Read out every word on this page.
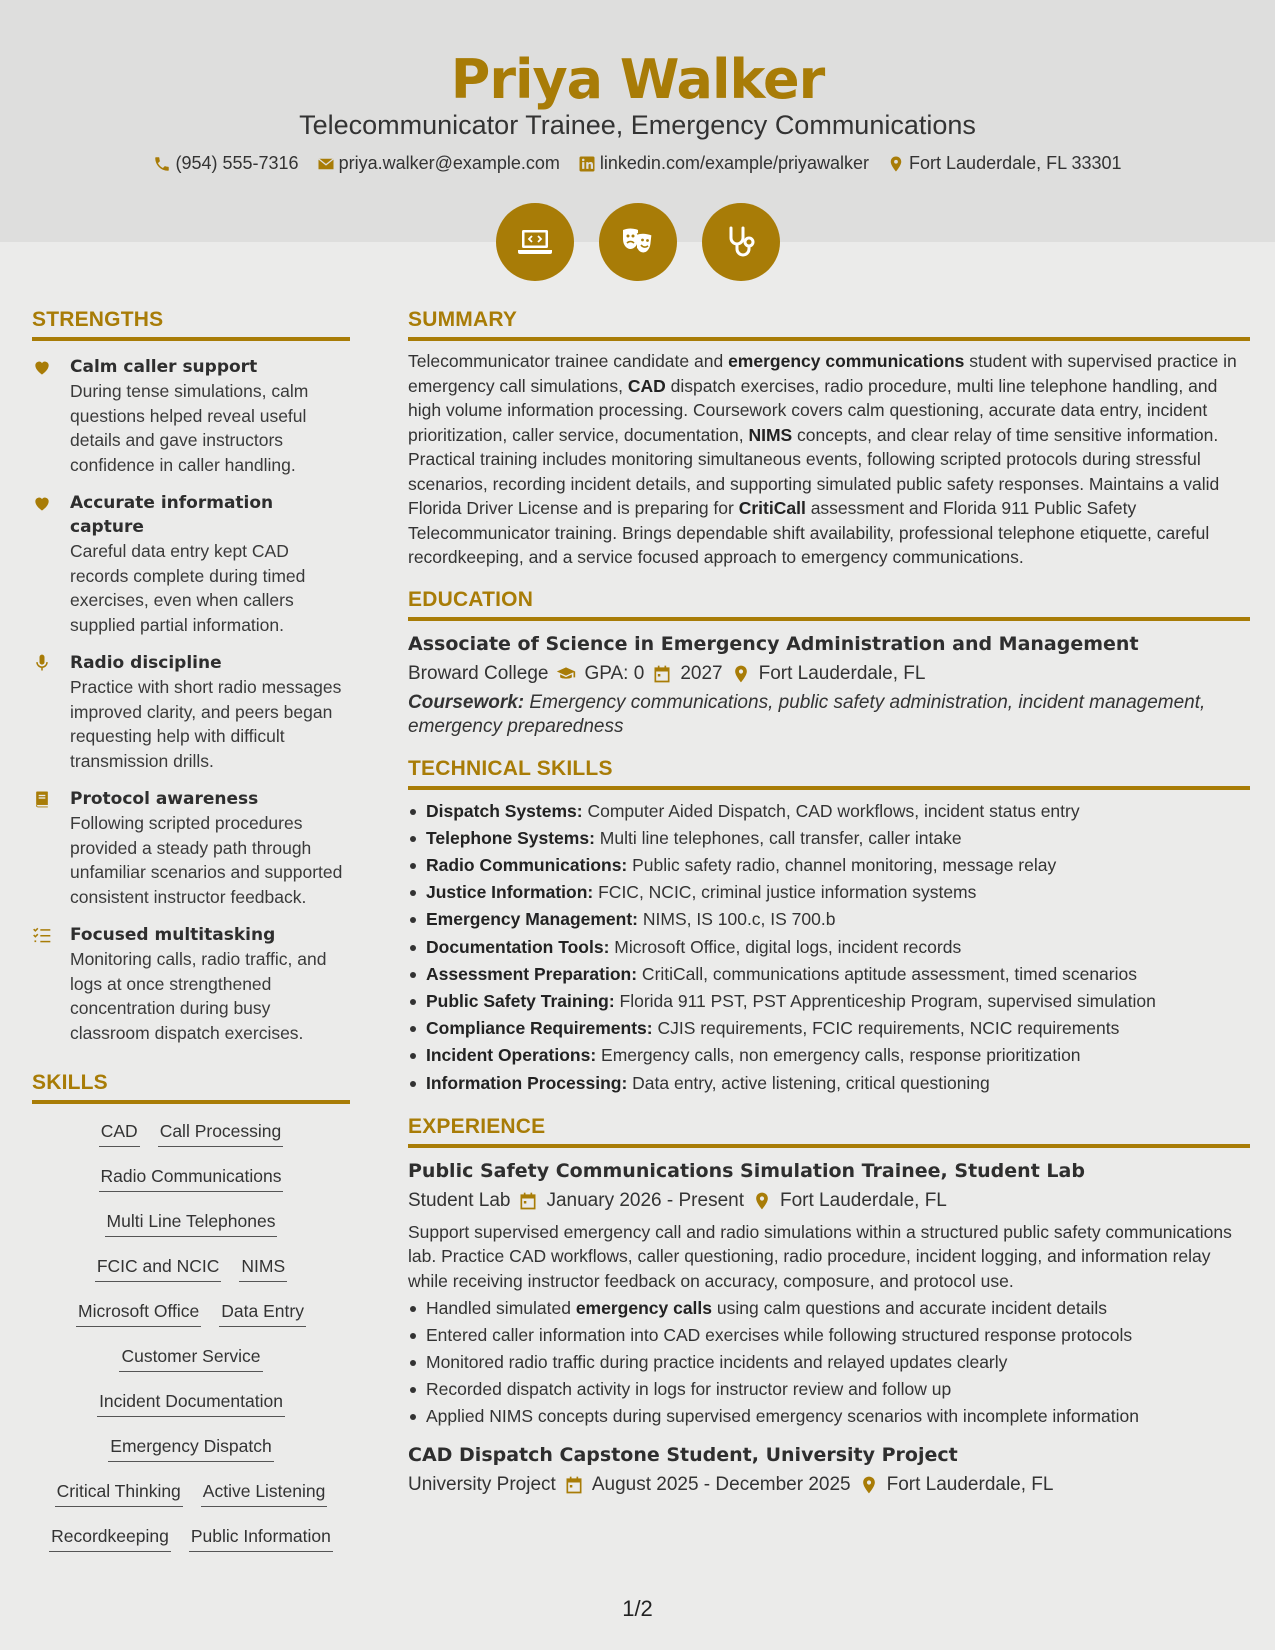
Priya Walker
Telecommunicator Trainee, Emergency Communications
(954) 555-7316 priya.walker@example.com linkedin.com/example/priyawalker Fort Lauderdale, FL 33301
STRENGTHS
Calm caller support
During tense simulations, calm questions helped reveal useful details and gave instructors confidence in caller handling.
Accurate information capture
Careful data entry kept CAD records complete during timed exercises, even when callers supplied partial information.
Radio discipline
Practice with short radio messages improved clarity, and peers began requesting help with difficult transmission drills.
Protocol awareness
Following scripted procedures provided a steady path through unfamiliar scenarios and supported consistent instructor feedback.
Focused multitasking
Monitoring calls, radio traffic, and logs at once strengthened concentration during busy classroom dispatch exercises.
SKILLS
CAD Call Processing
Radio Communications
Multi Line Telephones
FCIC and NCIC NIMS
Microsoft Office Data Entry
Customer Service
Incident Documentation
Emergency Dispatch
Critical Thinking Active Listening
Recordkeeping Public Information
SUMMARY
Telecommunicator trainee candidate and emergency communications student with supervised practice in emergency call simulations, CAD dispatch exercises, radio procedure, multi line telephone handling, and high volume information processing. Coursework covers calm questioning, accurate data entry, incident prioritization, caller service, documentation, NIMS concepts, and clear relay of time sensitive information. Practical training includes monitoring simultaneous events, following scripted protocols during stressful scenarios, recording incident details, and supporting simulated public safety responses. Maintains a valid Florida Driver License and is preparing for CritiCall assessment and Florida 911 Public Safety Telecommunicator training. Brings dependable shift availability, professional telephone etiquette, careful recordkeeping, and a service focused approach to emergency communications.
EDUCATION
Associate of Science in Emergency Administration and Management
Broward College GPA: 0 2027 Fort Lauderdale, FL
Coursework: Emergency communications, public safety administration, incident management, emergency preparedness
TECHNICAL SKILLS
Dispatch Systems: Computer Aided Dispatch, CAD workflows, incident status entry
Telephone Systems: Multi line telephones, call transfer, caller intake
Radio Communications: Public safety radio, channel monitoring, message relay
Justice Information: FCIC, NCIC, criminal justice information systems
Emergency Management: NIMS, IS 100.c, IS 700.b
Documentation Tools: Microsoft Office, digital logs, incident records
Assessment Preparation: CritiCall, communications aptitude assessment, timed scenarios
Public Safety Training: Florida 911 PST, PST Apprenticeship Program, supervised simulation
Compliance Requirements: CJIS requirements, FCIC requirements, NCIC requirements
Incident Operations: Emergency calls, non emergency calls, response prioritization
Information Processing: Data entry, active listening, critical questioning
EXPERIENCE
Public Safety Communications Simulation Trainee, Student Lab
Student Lab January 2026 - Present Fort Lauderdale, FL
Support supervised emergency call and radio simulations within a structured public safety communications lab. Practice CAD workflows, caller questioning, radio procedure, incident logging, and information relay while receiving instructor feedback on accuracy, composure, and protocol use.
Handled simulated emergency calls using calm questions and accurate incident details
Entered caller information into CAD exercises while following structured response protocols
Monitored radio traffic during practice incidents and relayed updates clearly
Recorded dispatch activity in logs for instructor review and follow up
Applied NIMS concepts during supervised emergency scenarios with incomplete information
CAD Dispatch Capstone Student, University Project
University Project August 2025 - December 2025 Fort Lauderdale, FL
1/2
